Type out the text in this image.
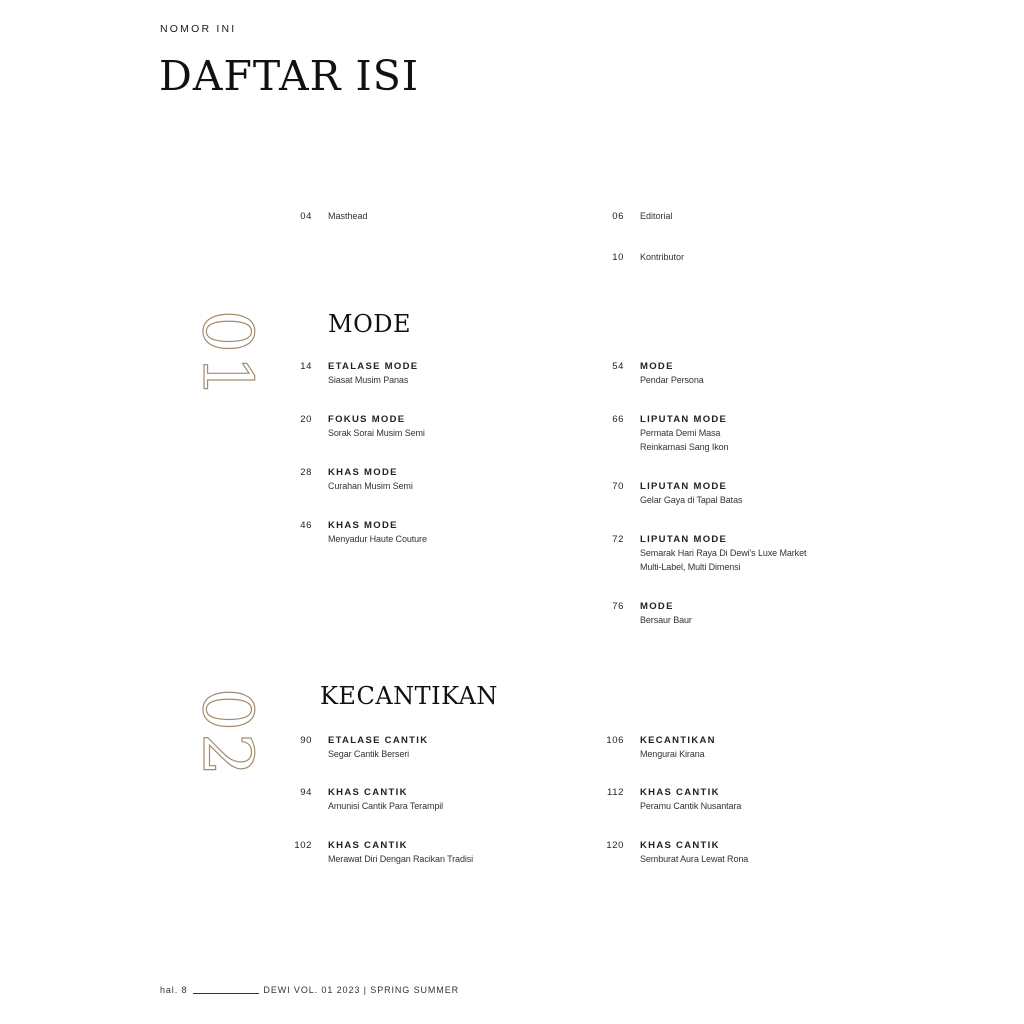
NOMOR INI
DAFTAR ISI
04 Masthead	06 Editorial
10 Kontributor
01	MODE
14 ETALASE MODE
Siasat Musim Panas
20 FOKUS MODE
Sorak Sorai Musim Semi
28 KHAS MODE
Curahan Musim Semi
46 KHAS MODE
Menyadur Haute Couture
54 MODE
Pendar Persona
66 LIPUTAN MODE
Permata Demi Masa
Reinkarnasi Sang Ikon
70 LIPUTAN MODE
Gelar Gaya di Tapal Batas
72 LIPUTAN MODE
Semarak Hari Raya Di Dewi's Luxe Market
Multi-Label, Multi Dimensi
76 MODE
Bersaur Baur
02 KECANTIKAN
90 ETALASE CANTIK
Segar Cantik Berseri
94 KHAS CANTIK
Amunisi Cantik Para Terampil
102 KHAS CANTIK
Merawat Diri Dengan Racikan Tradisi
106 KECANTIKAN
Mengurai Kirana
112 KHAS CANTIK
Peramu Cantik Nusantara
120 KHAS CANTIK
Semburat Aura Lewat Rona
hal. 8	DEWI VOL. 01 2023 | SPRING SUMMER
